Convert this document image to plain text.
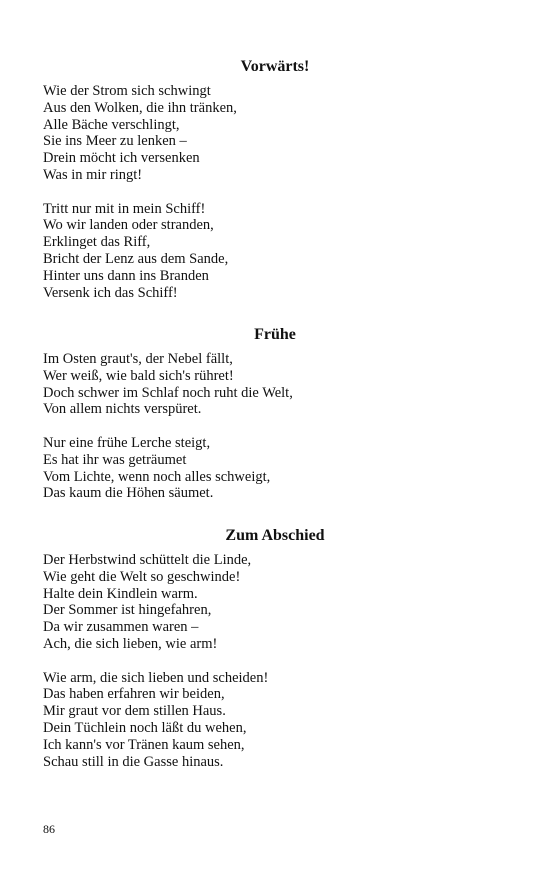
Vorwärts!
Wie der Strom sich schwingt
Aus den Wolken, die ihn tränken,
Alle Bäche verschlingt,
Sie ins Meer zu lenken –
Drein möcht ich versenken
Was in mir ringt!
Tritt nur mit in mein Schiff!
Wo wir landen oder stranden,
Erklinget das Riff,
Bricht der Lenz aus dem Sande,
Hinter uns dann ins Branden
Versenk ich das Schiff!
Frühe
Im Osten graut's, der Nebel fällt,
Wer weiß, wie bald sich's rühret!
Doch schwer im Schlaf noch ruht die Welt,
Von allem nichts verspüret.
Nur eine frühe Lerche steigt,
Es hat ihr was geträumet
Vom Lichte, wenn noch alles schweigt,
Das kaum die Höhen säumet.
Zum Abschied
Der Herbstwind schüttelt die Linde,
Wie geht die Welt so geschwinde!
Halte dein Kindlein warm.
Der Sommer ist hingefahren,
Da wir zusammen waren –
Ach, die sich lieben, wie arm!
Wie arm, die sich lieben und scheiden!
Das haben erfahren wir beiden,
Mir graut vor dem stillen Haus.
Dein Tüchlein noch läßt du wehen,
Ich kann's vor Tränen kaum sehen,
Schau still in die Gasse hinaus.
86
